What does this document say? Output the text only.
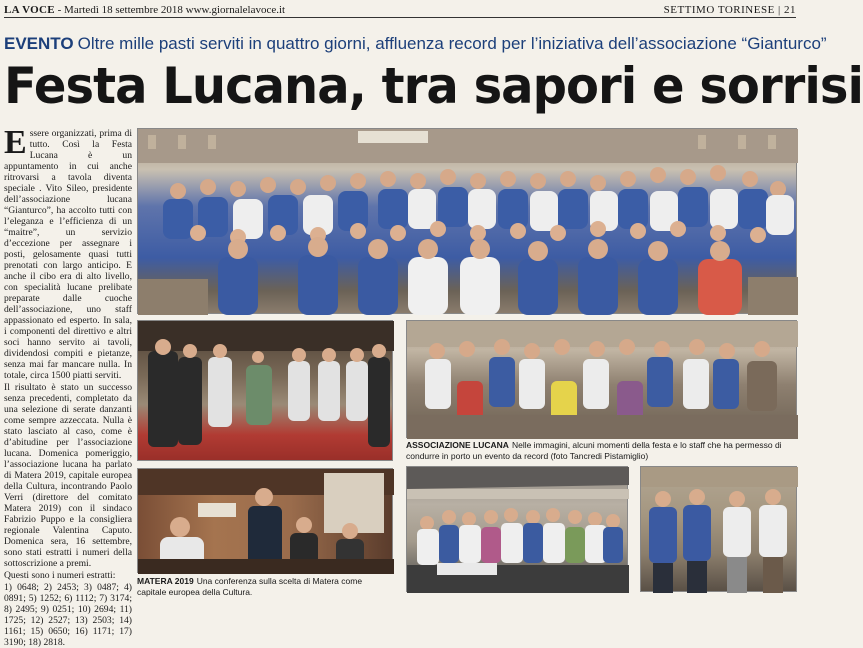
LA VOCE - Martedì 18 settembre 2018 www.giornalelavoce.it	SETTIMO TORINESE | 21
EVENTO Oltre mille pasti serviti in quattro giorni, affluenza record per l’iniziativa dell’associazione “Gianturco”
Festa Lucana, tra sapori e sorrisi

Essere organizzati, prima di tutto. Così la Festa Lucana è un appuntamento in cui anche ritrovarsi a tavola diventa speciale . Vito Sileo, presidente dell’associazione lucana “Gianturco”, ha accolto tutti con l’eleganza e l’efficienza di un “maitre”, un servizio d’eccezione per assegnare i posti, gelosamente quasi tutti prenotati con largo anticipo. E anche il cibo era di alto livello, con specialità lucane prelibate preparate dalle cuoche dell’associazione, uno staff appassionato ed esperto. In sala, i componenti del direttivo e altri soci hanno servito ai tavoli, dividendosi compiti e pietanze, senza mai far mancare nulla. In totale, circa 1500 piatti serviti.

Il risultato è stato un successo senza precedenti, completato da una selezione di serate danzanti come sempre azzeccata. Nulla è stato lasciato al caso, come è d’abitudine per l’associazione lucana. Domenica pomeriggio, l’associazione lucana ha parlato di Matera 2019, capitale europea della Cultura, incontrando Paolo Verri (direttore del comitato Matera 2019) con il sindaco Fabrizio Puppo e la consigliera regionale Valentina Caputo. Domenica sera, 16 settembre, sono stati estratti i numeri della sottoscrizione a premi.

Questi sono i numeri estratti:

1) 0648; 2) 2453; 3) 0487; 4) 0891; 5) 1252; 6) 1112; 7) 3174; 8) 2495; 9) 0251; 10) 2694; 11) 1725; 12) 2527; 13) 2503; 14) 1161; 15) 0650; 16) 1171; 17) 3190; 18) 2818.

ASSOCIAZIONE LUCANA Nelle immagini, alcuni momenti della festa e lo staff che ha permesso di condurre in porto un evento da record (foto Tancredi Pistamiglio)
MATERA 2019 Una conferenza sulla scelta di Matera come capitale europea della Cultura.
